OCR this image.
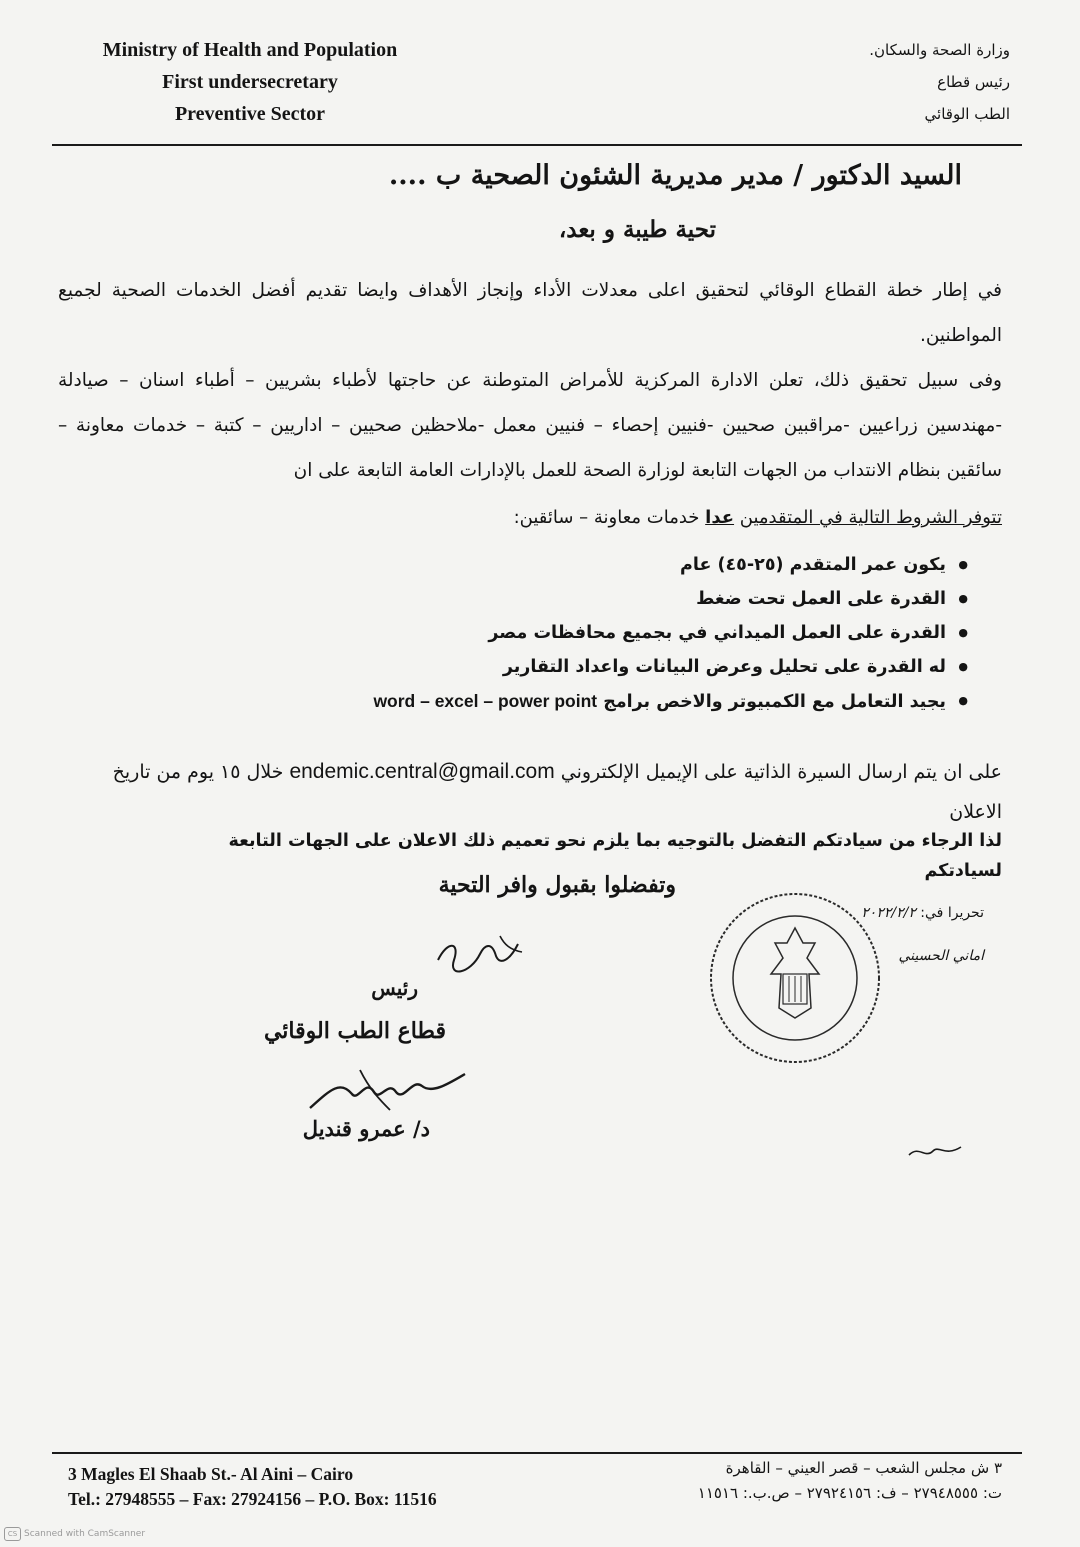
Ministry of Health and Population
First undersecretary
Preventive Sector
وزارة الصحة والسكان.
رئيس قطاع
الطب الوقائي
السيد الدكتور / مدير مديرية الشئون الصحية ب ....
تحية طيبة و بعد،
في إطار خطة القطاع الوقائي لتحقيق اعلى معدلات الأداء وإنجاز الأهداف وايضا تقديم أفضل الخدمات الصحية لجميع المواطنين.
وفى سبيل تحقيق ذلك، تعلن الادارة المركزية للأمراض المتوطنة عن حاجتها لأطباء بشريين – أطباء اسنان – صيادلة -مهندسين زراعيين -مراقبين صحيين -فنيين إحصاء – فنيين معمل -ملاحظين صحيين – اداريين – كتبة – خدمات معاونة – سائقين بنظام الانتداب من الجهات التابعة لوزارة الصحة للعمل بالإدارات العامة التابعة على ان
تتوفر الشروط التالية في المتقدمين عدا خدمات معاونة – سائقين:
● يكون عمر المتقدم (٢٥-٤٥) عام
● القدرة على العمل تحت ضغط
● القدرة على العمل الميداني في بجميع محافظات مصر
● له القدرة على تحليل وعرض البيانات واعداد التقارير
● يجيد التعامل مع الكمبيوتر والاخص برامج word – excel – power point
على ان يتم ارسال السيرة الذاتية على الإيميل الإلكتروني endemic.central@gmail.com خلال ١٥ يوم من تاريخ الاعلان
لذا الرجاء من سيادتكم التفضل بالتوجيه بما يلزم نحو تعميم ذلك الاعلان على الجهات التابعة لسيادتكم
وتفضلوا بقبول وافر التحية
تحريرا في: ٢٠٢٢/٢/٢
اماني الحسيني
رئيس
قطاع الطب الوقائي
د/ عمرو قنديل
3 Magles El Shaab St.- Al Aini – Cairo
Tel.: 27948555 – Fax: 27924156 – P.O. Box: 11516
٣ ش مجلس الشعب – قصر العيني – القاهرة
ت: ٢٧٩٤٨٥٥٥ – ف: ٢٧٩٢٤١٥٦ – ص.ب.: ١١٥١٦
CS Scanned with CamScanner
